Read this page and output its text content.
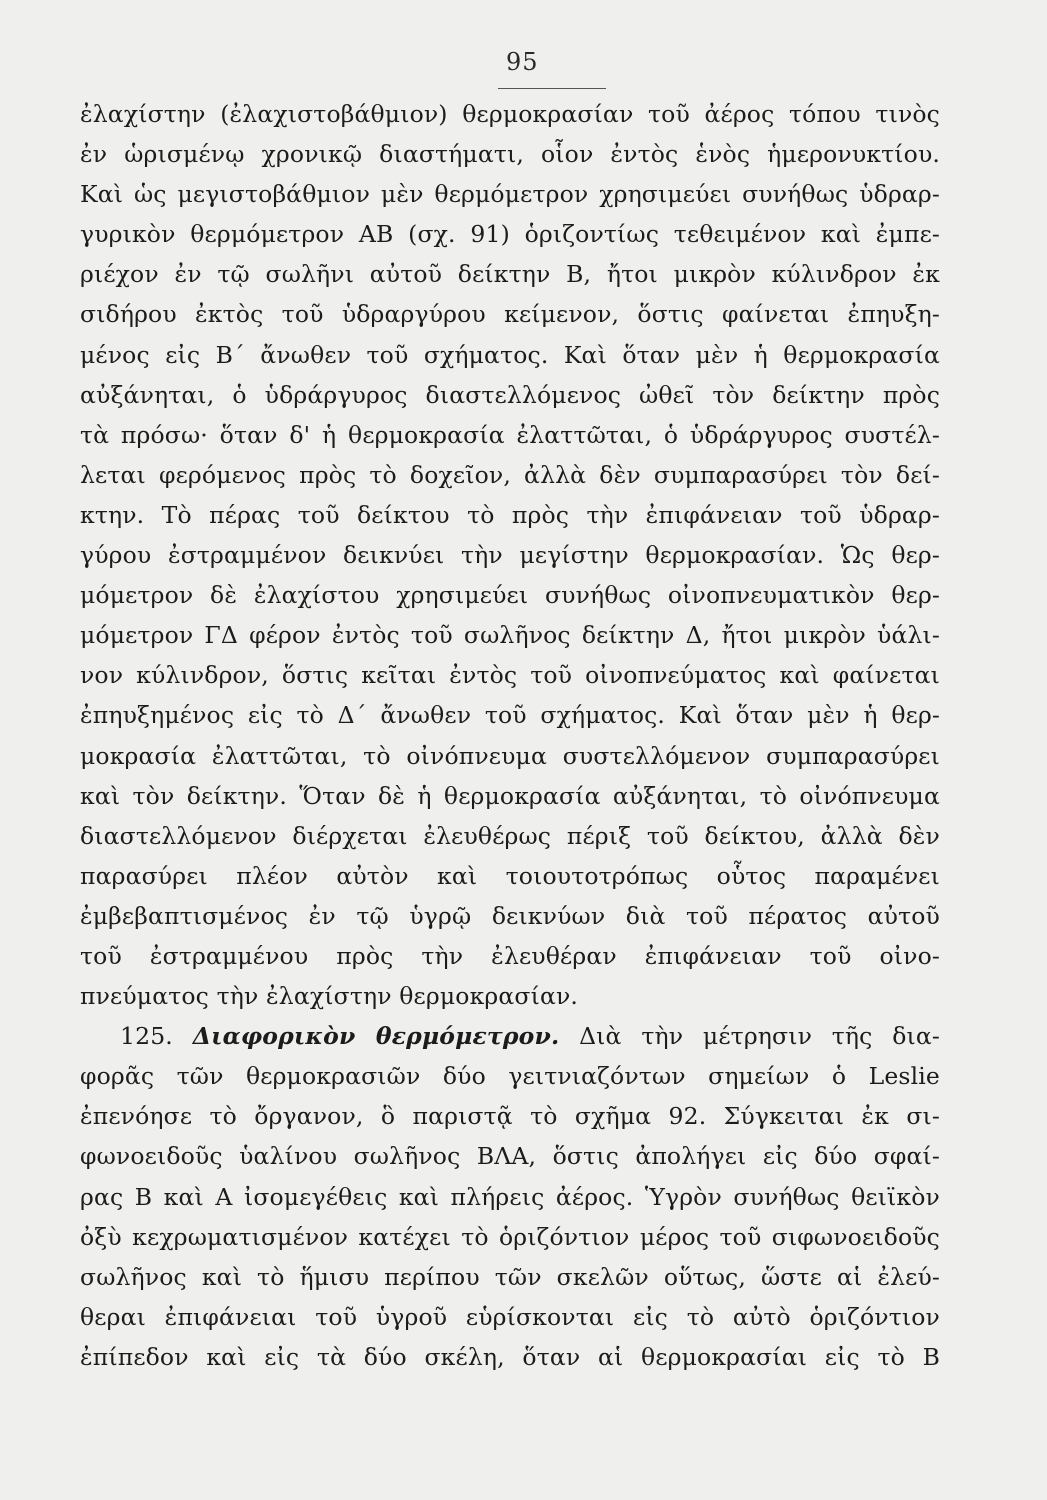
95
ἐλαχίστην (ἐλαχιστοβάθμιον) θερμοκρασίαν τοῦ ἀέρος τόπου τινὸς
ἐν ὡρισμένῳ χρονικῷ διαστήματι, οἷον ἐντὸς ἑνὸς ἡμερονυκτίου.
Καὶ ὡς μεγιστοβάθμιον μὲν θερμόμετρον χρησιμεύει συνήθως ὑδραρ-
γυρικὸν θερμόμετρον ΑΒ (σχ. 91) ὁριζοντίως τεθειμένον καὶ ἐμπε-
ριέχον ἐν τῷ σωλῆνι αὐτοῦ δείκτην Β, ἤτοι μικρὸν κύλινδρον ἐκ
σιδήρου ἐκτὸς τοῦ ὑδραργύρου κείμενον, ὅστις φαίνεται ἐπηυξη-
μένος εἰς Β΄ ἄνωθεν τοῦ σχήματος. Καὶ ὅταν μὲν ἡ θερμοκρασία
αὐξάνηται, ὁ ὑδράργυρος διαστελλόμενος ὠθεῖ τὸν δείκτην πρὸς
τὰ πρόσω· ὅταν δ' ἡ θερμοκρασία ἐλαττῶται, ὁ ὑδράργυρος συστέλ-
λεται φερόμενος πρὸς τὸ δοχεῖον, ἀλλὰ δὲν συμπαρασύρει τὸν δεί-
κτην. Τὸ πέρας τοῦ δείκτου τὸ πρὸς τὴν ἐπιφάνειαν τοῦ ὑδραρ-
γύρου ἐστραμμένον δεικνύει τὴν μεγίστην θερμοκρασίαν. Ὡς θερ-
μόμετρον δὲ ἐλαχίστου χρησιμεύει συνήθως οἰνοπνευματικὸν θερ-
μόμετρον ΓΔ φέρον ἐντὸς τοῦ σωλῆνος δείκτην Δ, ἤτοι μικρὸν ὑάλι-
νον κύλινδρον, ὅστις κεῖται ἐντὸς τοῦ οἰνοπνεύματος καὶ φαίνεται
ἐπηυξημένος εἰς τὸ Δ΄ ἄνωθεν τοῦ σχήματος. Καὶ ὅταν μὲν ἡ θερ-
μοκρασία ἐλαττῶται, τὸ οἰνόπνευμα συστελλόμενον συμπαρασύρει
καὶ τὸν δείκτην. Ὅταν δὲ ἡ θερμοκρασία αὐξάνηται, τὸ οἰνόπνευμα
διαστελλόμενον διέρχεται ἐλευθέρως πέριξ τοῦ δείκτου, ἀλλὰ δὲν
παρασύρει πλέον αὐτὸν καὶ τοιουτοτρόπως οὗτος παραμένει
ἐμβεβαπτισμένος ἐν τῷ ὑγρῷ δεικνύων διὰ τοῦ πέρατος αὐτοῦ
τοῦ ἐστραμμένου πρὸς τὴν ἐλευθέραν ἐπιφάνειαν τοῦ οἰνο-
πνεύματος τὴν ἐλαχίστην θερμοκρασίαν.
125. Διαφορικὸν θερμόμετρον. Διὰ τὴν μέτρησιν τῆς δια-
φορᾶς τῶν θερμοκρασιῶν δύο γειτνιαζόντων σημείων ὁ Leslie
ἐπενόησε τὸ ὄργανον, ὃ παριστᾷ τὸ σχῆμα 92. Σύγκειται ἐκ σι-
φωνοειδοῦς ὑαλίνου σωλῆνος ΒΛΑ, ὅστις ἀπολήγει εἰς δύο σφαί-
ρας Β καὶ Α ἰσομεγέθεις καὶ πλήρεις ἀέρος. Ὑγρὸν συνήθως θειϊκὸν
ὀξὺ κεχρωματισμένον κατέχει τὸ ὁριζόντιον μέρος τοῦ σιφωνοειδοῦς
σωλῆνος καὶ τὸ ἥμισυ περίπου τῶν σκελῶν οὕτως, ὥστε αἱ ἐλεύ-
θεραι ἐπιφάνειαι τοῦ ὑγροῦ εὑρίσκονται εἰς τὸ αὐτὸ ὁριζόντιον
ἐπίπεδον καὶ εἰς τὰ δύο σκέλη, ὅταν αἱ θερμοκρασίαι εἰς τὸ Β
